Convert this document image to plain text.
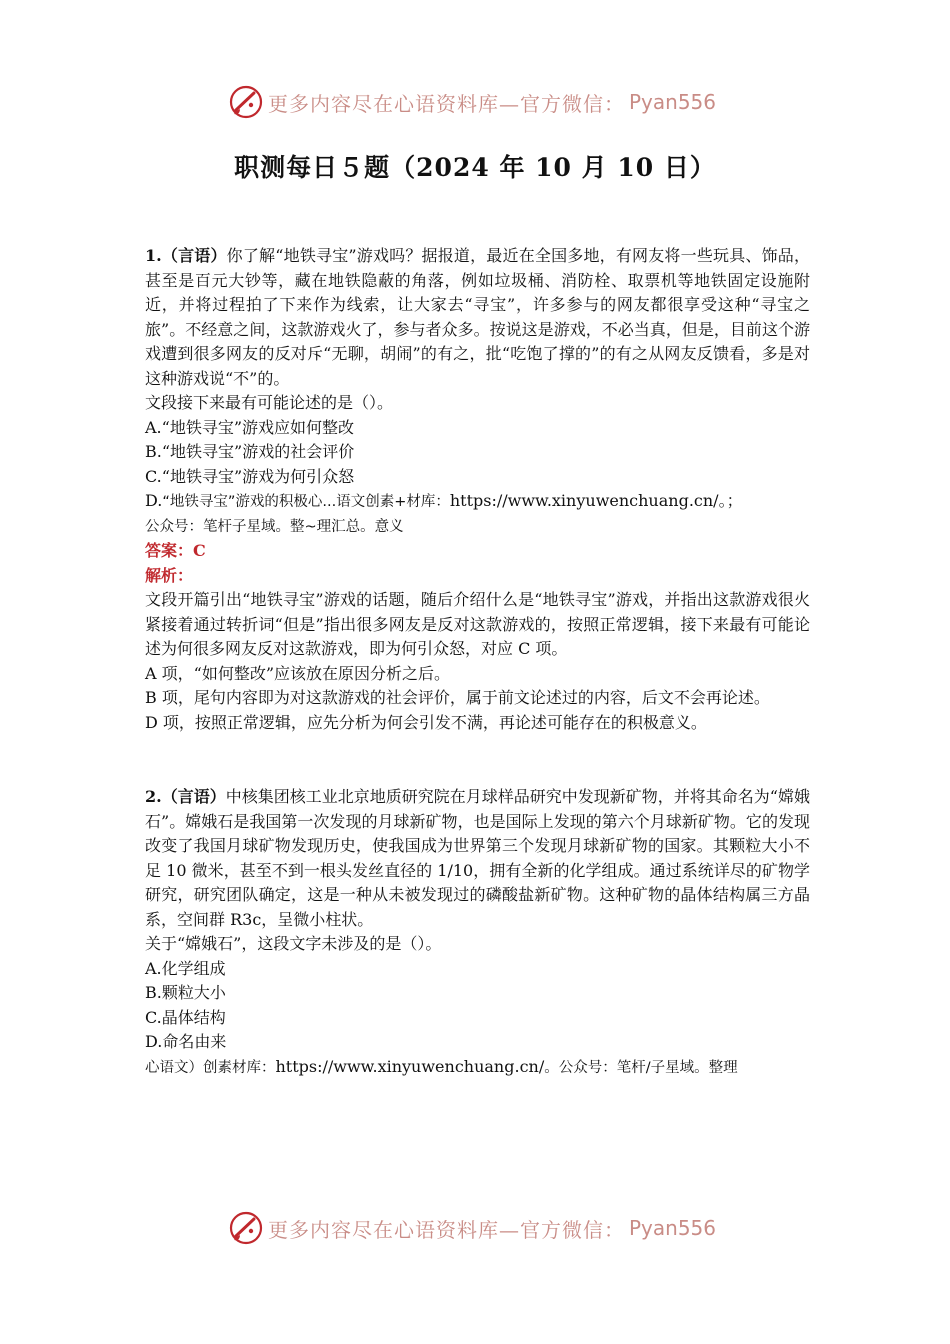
更多内容尽在心语资料库—官方微信： Pyan556
职测每日５题（2024 年 10 月 10 日）

1.（言语）你了解“地铁寻宝”游戏吗？据报道，最近在全国多地，有网友将一些玩具、饰品，甚至是百元大钞等，藏在地铁隐蔽的角落，例如垃圾桶、消防栓、取票机等地铁固定设施附近，并将过程拍了下来作为线索，让大家去“寻宝”，许多参与的网友都很享受这种“寻宝之旅”。不经意之间，这款游戏火了，参与者众多。按说这是游戏，不必当真，但是，目前这个游戏遭到很多网友的反对斥“无聊，胡闹”的有之，批“吃饱了撑的”的有之从网友反馈看，多是对这种游戏说“不”的。

文段接下来最有可能论述的是（）。

A.“地铁寻宝”游戏应如何整改

B.“地铁寻宝”游戏的社会评价

C.“地铁寻宝”游戏为何引众怒

D.“地铁寻宝”游戏的积极心...语文创素+材库：https://www.xinyuwenchuang.cn/。；

公众号：笔杆子星域。整~理汇总。意义

答案：C

解析：

文段开篇引出“地铁寻宝”游戏的话题，随后介绍什么是“地铁寻宝”游戏，并指出这款游戏很火紧接着通过转折词“但是”指出很多网友是反对这款游戏的，按照正常逻辑，接下来最有可能论述为何很多网友反对这款游戏，即为何引众怒，对应 C 项。

A 项，“如何整改”应该放在原因分析之后。

B 项，尾句内容即为对这款游戏的社会评价，属于前文论述过的内容，后文不会再论述。

D 项，按照正常逻辑，应先分析为何会引发不满，再论述可能存在的积极意义。

2.（言语）中核集团核工业北京地质研究院在月球样品研究中发现新矿物，并将其命名为“嫦娥石”。嫦娥石是我国第一次发现的月球新矿物，也是国际上发现的第六个月球新矿物。它的发现改变了我国月球矿物发现历史，使我国成为世界第三个发现月球新矿物的国家。其颗粒大小不足 10 微米，甚至不到一根头发丝直径的 1/10，拥有全新的化学组成。通过系统详尽的矿物学研究，研究团队确定，这是一种从未被发现过的磷酸盐新矿物。这种矿物的晶体结构属三方晶系，空间群 R3c，呈微小柱状。

关于“嫦娥石”，这段文字未涉及的是（）。

A.化学组成

B.颗粒大小

C.晶体结构

D.命名由来

心语文）创素材库：https://www.xinyuwenchuang.cn/。公众号：笔杆/子星域。整理

更多内容尽在心语资料库—官方微信： Pyan556
